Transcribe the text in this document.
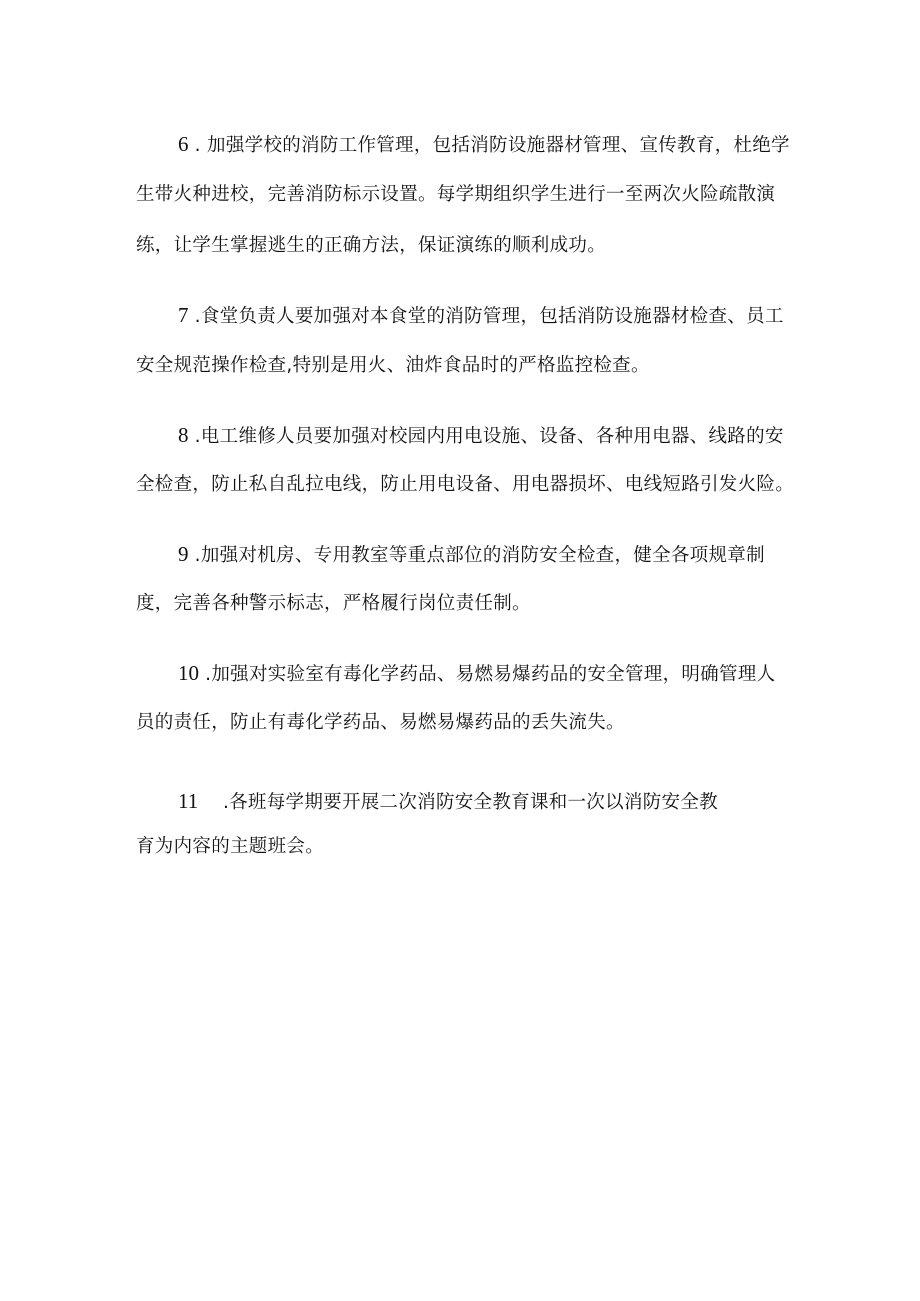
6 . 加强学校的消防工作管理，包括消防设施器材管理、宣传教育，杜绝学
生带火种进校，完善消防标示设置。每学期组织学生进行一至两次火险疏散演
练，让学生掌握逃生的正确方法，保证演练的顺利成功。
7 .食堂负责人要加强对本食堂的消防管理，包括消防设施器材检查、员工
安全规范操作检查,特别是用火、油炸食品时的严格监控检查。
8 .电工维修人员要加强对校园内用电设施、设备、各种用电器、线路的安
全检查，防止私自乱拉电线，防止用电设备、用电器损坏、电线短路引发火险。
9 .加强对机房、专用教室等重点部位的消防安全检查，健全各项规章制
度，完善各种警示标志，严格履行岗位责任制。
10 .加强对实验室有毒化学药品、易燃易爆药品的安全管理，明确管理人
员的责任，防止有毒化学药品、易燃易爆药品的丢失流失。
11    .各班每学期要开展二次消防安全教育课和一次以消防安全教
育为内容的主题班会。
